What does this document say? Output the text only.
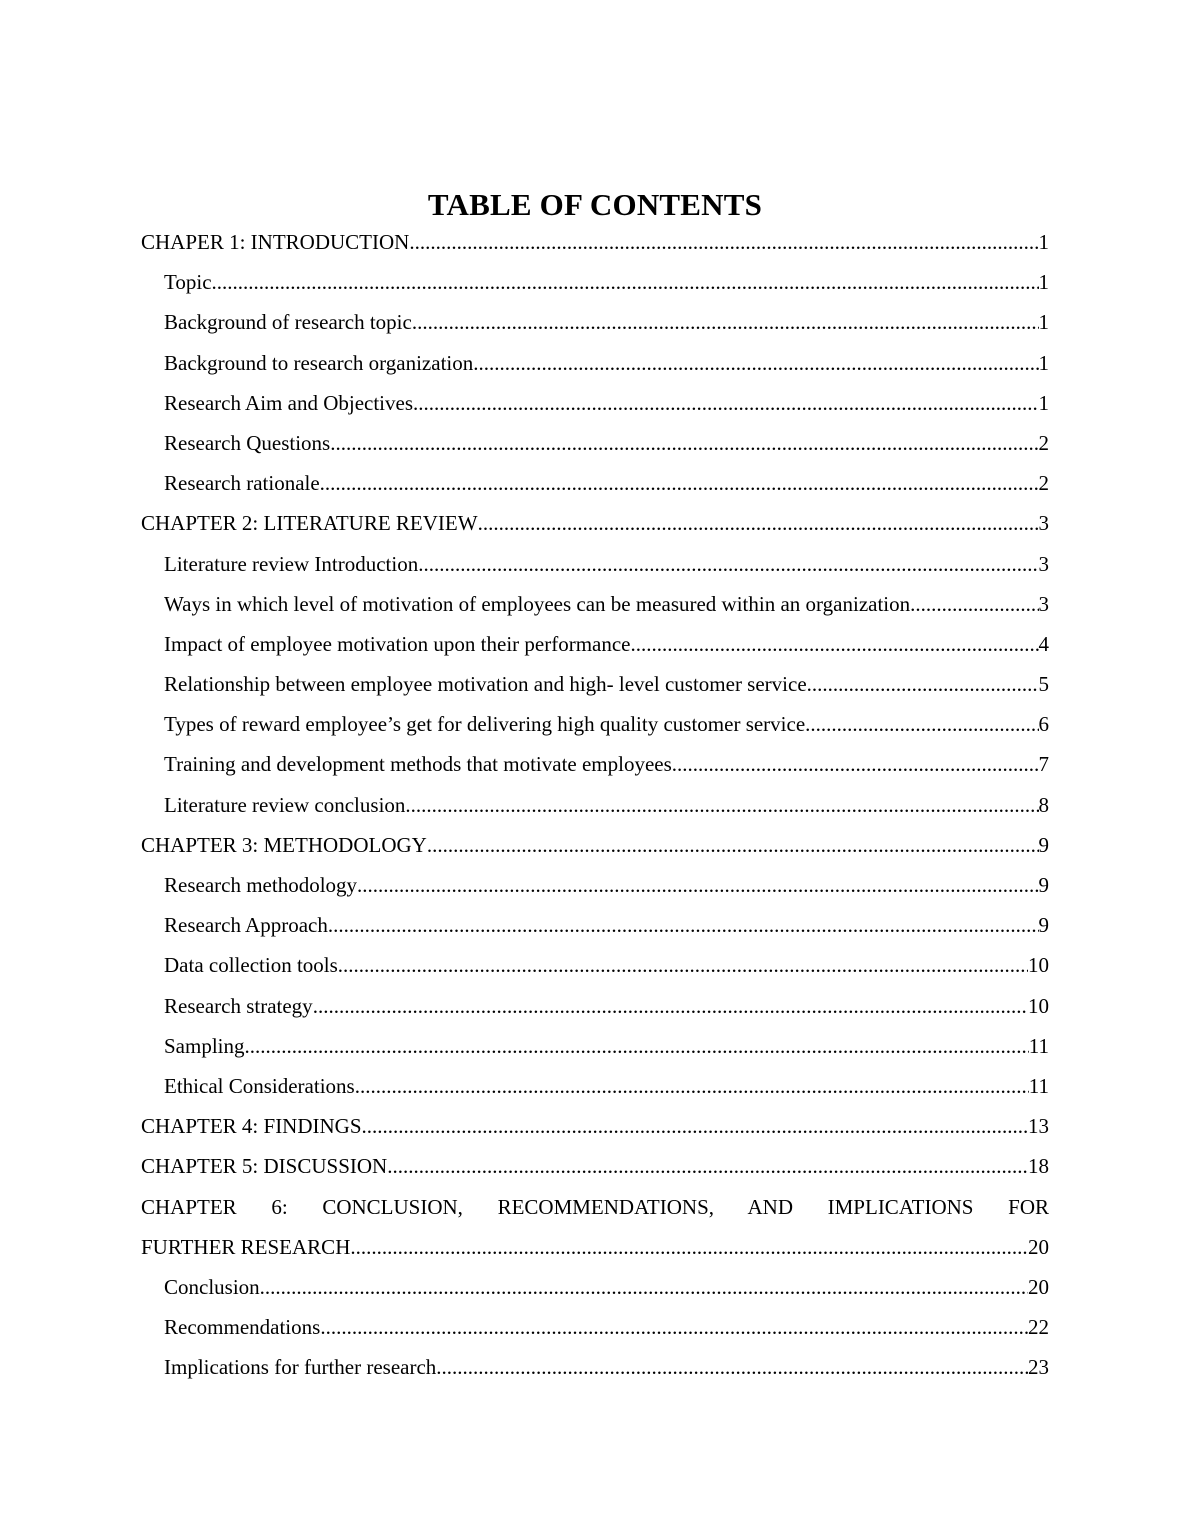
TABLE OF CONTENTS
CHAPER 1: INTRODUCTION .....	1
Topic .....	1
Background of research topic .....	1
Background to research organization .....	1
Research Aim and Objectives .....	1
Research Questions .....	2
Research rationale .....	2
CHAPTER 2: LITERATURE REVIEW .....	3
Literature review Introduction .....	3
Ways in which level of motivation of employees can be measured within an organization .....	3
Impact of employee motivation upon their performance .....	4
Relationship between employee motivation and high- level customer service .....	5
Types of reward employee’s get for delivering high quality customer service .....	6
Training and development methods that motivate employees .....	7
Literature review conclusion .....	8
CHAPTER 3: METHODOLOGY .....	9
Research methodology .....	9
Research Approach .....	9
Data collection tools .....	10
Research strategy .....	10
Sampling .....	11
Ethical Considerations .....	11
CHAPTER 4: FINDINGS .....	13
CHAPTER 5: DISCUSSION .....	18
CHAPTER 6: CONCLUSION, RECOMMENDATIONS, AND IMPLICATIONS FOR
FURTHER RESEARCH .....	20
Conclusion .....	20
Recommendations .....	22
Implications for further research .....	23
